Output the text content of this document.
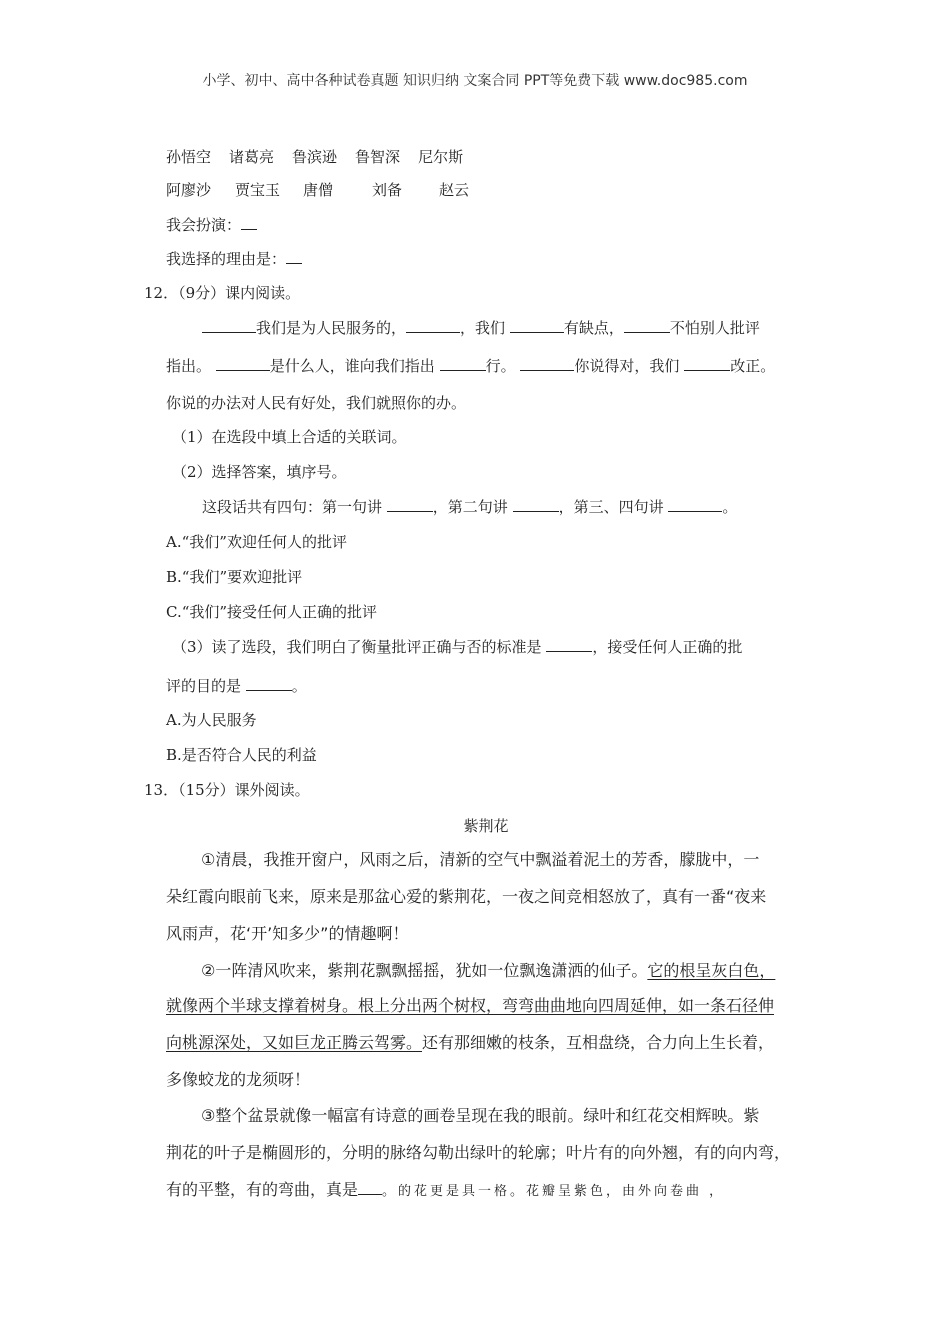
小学、初中、高中各种试卷真题 知识归纳 文案合同 PPT等免费下载 www.doc985.com
孙悟空 诸葛亮 鲁滨逊 鲁智深 尼尔斯
阿廖沙 贾宝玉 唐僧	刘备 赵云
我会扮演：
我选择的理由是：
12．（9分）课内阅读。
我们是为人民服务的，	，我们	有缺点，	不怕别人批评
指出。	是什么人，谁向我们指出	行。	你说得对，我们	改正。
你说的办法对人民有好处，我们就照你的办。
（1）在选段中填上合适的关联词。
（2）选择答案，填序号。
这段话共有四句：第一句讲	，第二句讲	，第三、四句讲	。
A.“我们”欢迎任何人的批评
B.“我们”要欢迎批评
C.“我们”接受任何人正确的批评
（3）读了选段，我们明白了衡量批评正确与否的标准是	，接受任何人正确的批
评的目的是	。
A.为人民服务
B.是否符合人民的利益
13．（15分）课外阅读。
紫荆花
①清晨，我推开窗户，风雨之后，清新的空气中飘溢着泥土的芳香，朦胧中，一
朵红霞向眼前飞来，原来是那盆心爱的紫荆花，一夜之间竞相怒放了，真有一番“夜来
风雨声，花‘开’知多少”的情趣啊！
②一阵清风吹来，紫荆花飘飘摇摇，犹如一位飘逸潇洒的仙子。它的根呈灰白色，
就像两个半球支撑着树身。根上分出两个树杈，弯弯曲曲地向四周延伸，如一条石径伸
向桃源深处，又如巨龙正腾云驾雾。还有那细嫩的枝条，互相盘绕，合力向上生长着，
多像蛟龙的龙须呀！
③整个盆景就像一幅富有诗意的画卷呈现在我的眼前。绿叶和红花交相辉映。紫
荆花的叶子是椭圆形的，分明的脉络勾勒出绿叶的轮廓；叶片有的向外翘，有的向内弯，
有的平整，有的弯曲，真是 。的花更是具一格。花瓣呈紫色，由外向卷曲 ，
